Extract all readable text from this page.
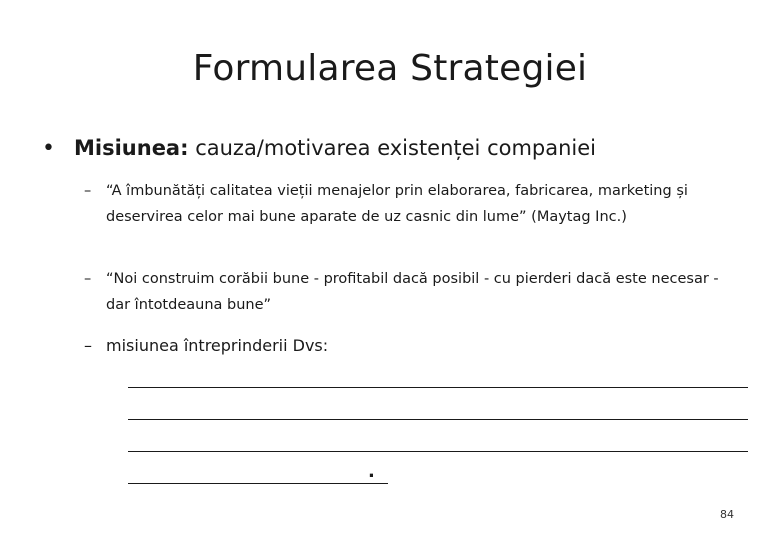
Formularea Strategiei
• Misiunea: cauza/motivarea existenței companiei
–	“A îmbunătăți calitatea vieții menajelor prin elaborarea, fabricarea, marketing și deservirea celor mai bune aparate de uz casnic din lume” (Maytag Inc.)
–	“Noi construim corăbii bune - profitabil dacă posibil - cu pierderi dacă este necesar - dar întotdeauna bune”
– misiunea întreprinderii Dvs:
.
84
